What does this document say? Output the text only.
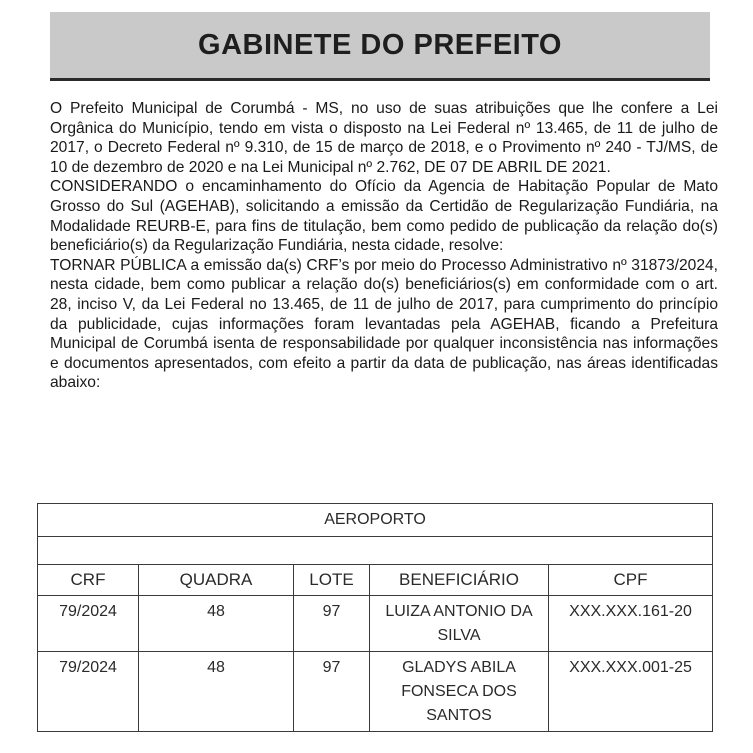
GABINETE DO PREFEITO

O Prefeito Municipal de Corumbá - MS, no uso de suas atribuições que lhe confere a Lei Orgânica do Município, tendo em vista o disposto na Lei Federal nº 13.465, de 11 de julho de 2017, o Decreto Federal nº 9.310, de 15 de março de 2018, e o Provimento nº 240 - TJ/MS, de 10 de dezembro de 2020 e na Lei Municipal nº 2.762, DE 07 DE ABRIL DE 2021.

CONSIDERANDO o encaminhamento do Ofício da Agencia de Habitação Popular de Mato Grosso do Sul (AGEHAB), solicitando a emissão da Certidão de Regularização Fundiária, na Modalidade REURB-E, para fins de titulação, bem como pedido de publicação da relação do(s) beneficiário(s) da Regularização Fundiária, nesta cidade, resolve:

TORNAR PÚBLICA a emissão da(s) CRF’s por meio do Processo Administrativo nº 31873/2024, nesta cidade, bem como publicar a relação do(s) beneficiários(s) em conformidade com o art. 28, inciso V, da Lei Federal no 13.465, de 11 de julho de 2017, para cumprimento do princípio da publicidade, cujas informações foram levantadas pela AGEHAB, ficando a Prefeitura Municipal de Corumbá isenta de responsabilidade por qualquer inconsistência nas informações e documentos apresentados, com efeito a partir da data de publicação, nas áreas identificadas abaixo:

AEROPORTO				

CRF	QUADRA	LOTE	BENEFICIÁRIO	CPF
79/2024	48	97	LUIZA ANTONIO DA SILVA	XXX.XXX.161-20
79/2024	48	97	GLADYS ABILA FONSECA DOS SANTOS	XXX.XXX.001-25
